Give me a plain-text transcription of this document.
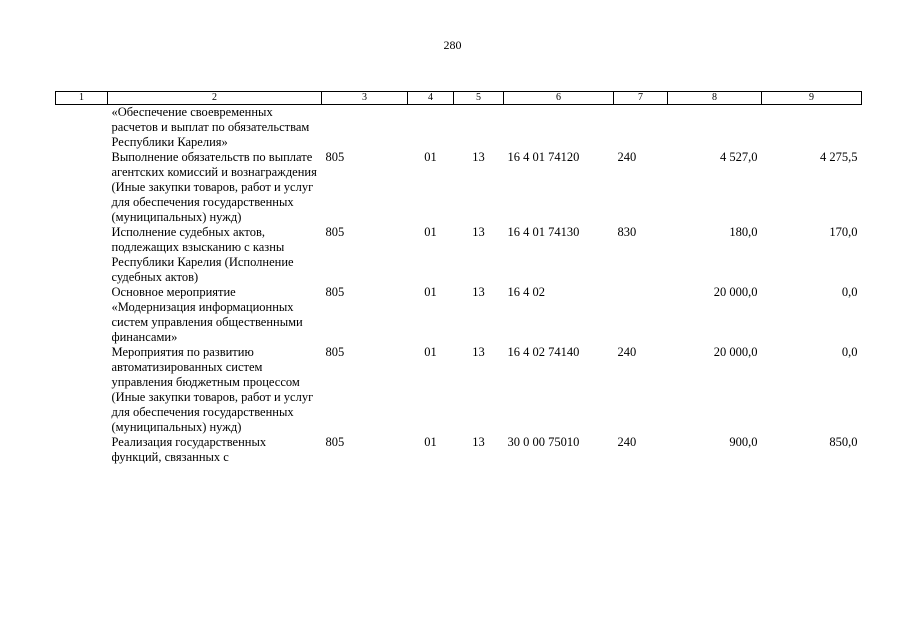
280
1	2	3	4	5	6	7	8	9
	«Обеспечение своевременных расчетов и выплат по обязательствам Республики Карелия»							
	Выполнение обязательств по выплате агентских комиссий и вознаграждения (Иные закупки товаров, работ и услуг для обеспечения государственных (муниципальных) нужд)	805	01	13	16 4 01 74120	240	4 527,0	4 275,5
	Исполнение судебных актов, подлежащих взысканию с казны Республики Карелия (Исполнение судебных актов)	805	01	13	16 4 01 74130	830	180,0	170,0
	Основное мероприятие «Модернизация информационных систем управления общественными финансами»	805	01	13	16 4 02		20 000,0	0,0
	Мероприятия по развитию автоматизированных систем управления бюджетным процессом (Иные закупки товаров, работ и услуг для обеспечения государственных (муниципальных) нужд)	805	01	13	16 4 02 74140	240	20 000,0	0,0
	Реализация государственных функций, связанных с	805	01	13	30 0 00 75010	240	900,0	850,0
